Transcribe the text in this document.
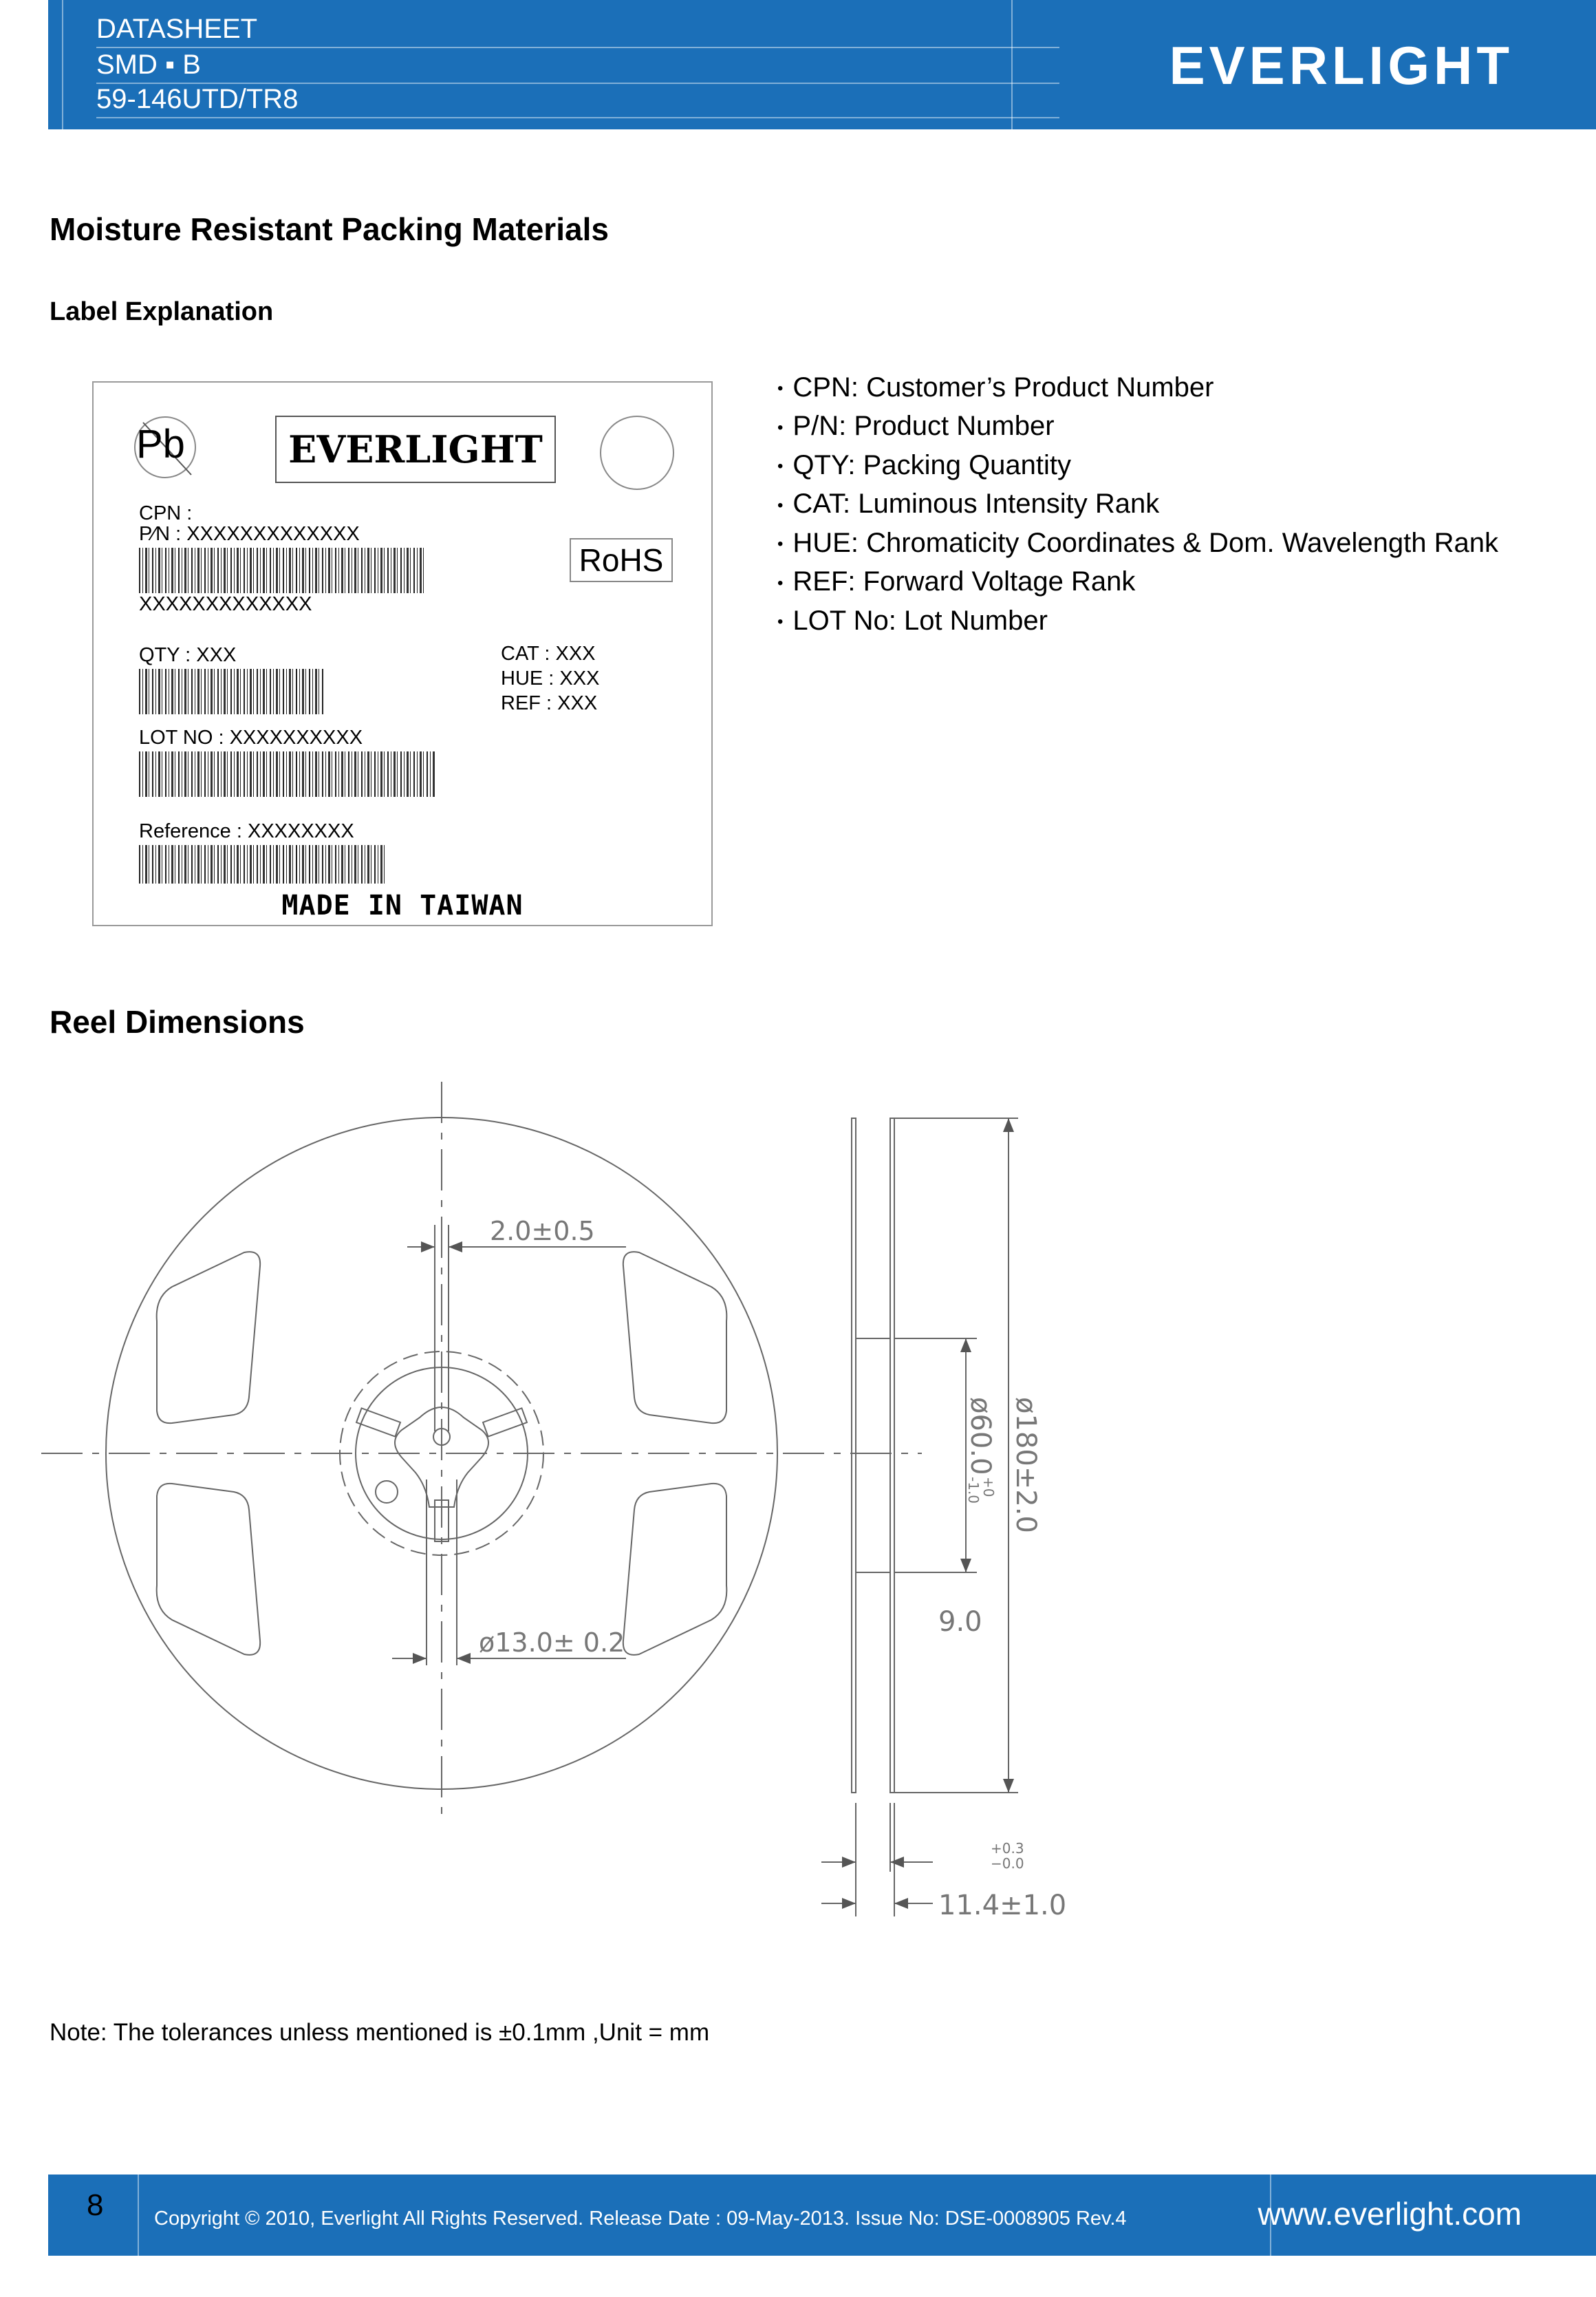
DATASHEET
SMD ▪ B
59-146UTD/TR8
EVERLIGHT
Moisture Resistant Packing Materials
Label Explanation
Pb	EVERLIGHT
RoHS
CPN :
P⁄N : XXXXXXXXXXXXX
XXXXXXXXXXXXX
QTY : XXX	CAT : XXX
HUE : XXX
REF : XXX
LOT NO : XXXXXXXXXX
Reference : XXXXXXXX
MADE IN TAIWAN
• CPN: Customer’s Product Number
• P/N: Product Number
• QTY: Packing Quantity
• CAT: Luminous Intensity Rank
• HUE: Chromaticity Coordinates & Dom. Wavelength Rank
• REF: Forward Voltage Rank
• LOT No: Lot Number
Reel Dimensions
2.0±0.5
ø13.0± 0.2
9.0
11.4±1.0
+0.3
−0.0
ø180±2.0
ø60.0
+0
-1.0
Note: The tolerances unless mentioned is ±0.1mm ,Unit = mm
8	Copyright © 2010, Everlight All Rights Reserved. Release Date : 09-May-2013. Issue No: DSE-0008905 Rev.4	www.everlight.com
